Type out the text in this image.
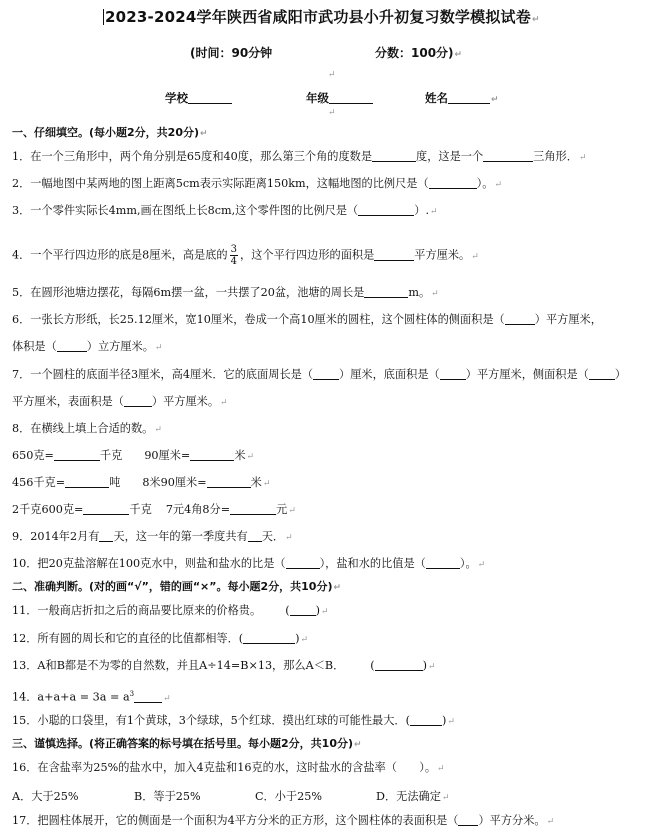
2023-2024学年陕西省咸阳市武功县小升初复习数学模拟试卷↵
(时间：90分钟	分数：100分)↵
↵
学校	年级	姓名	↵
↵
一、仔细填空。(每小题2分，共20分)↵
1．在一个三角形中，两个角分别是65度和40度，那么第三个角的度数是	度，这是一个	三角形．↵
2．一幅地图中某两地的图上距离5cm表示实际距离150km，这幅地图的比例尺是（	）。↵
3．一个零件实际长4mm,画在图纸上长8cm,这个零件图的比例尺是（	）.↵
4．一个平行四边形的底是8厘米，高是底的 $\frac{3}{4}$ ，这个平行四边形的面积是	平方厘米。↵
5．在圆形池塘边摆花，每隔6m摆一盆，一共摆了20盆，池塘的周长是	m。↵
6．一张长方形纸，长25.12厘米，宽10厘米，卷成一个高10厘米的圆柱，这个圆柱体的侧面积是（	）平方厘米，
体积是（	）立方厘米。↵
7．一个圆柱的底面半径3厘米，高4厘米．它的底面周长是（ ）厘米，底面积是（ ）平方厘米，侧面积是（ ）
平方厘米，表面积是（	）平方厘米。↵
8．在横线上填上合适的数。↵
650克=	千克 90厘米=	米↵
456千克=	吨 8米90厘米=	米↵
2千克600克=	千克 7元4角8分=	元↵
9．2014年2月有 天，这一年的第一季度共有 天．↵
10．把20克盐溶解在100克水中，则盐和盐水的比是（	），盐和水的比值是（	）。↵
二、准确判断。(对的画“√”，错的画“×”。每小题2分，共10分)↵
11．一般商店折扣之后的商品要比原来的价格贵。 ( )↵
12．所有圆的周长和它的直径的比值都相等．(	)↵
13．A和B都是不为零的自然数，并且A÷14=B×13，那么A＜B． (	)↵
14．$a+a+a = 3a = a^3$	↵
15．小聪的口袋里，有1个黄球，3个绿球，5个红球．摸出红球的可能性最大．(	)↵
三、谨慎选择。(将正确答案的标号填在括号里。每小题2分，共10分)↵
16．在含盐率为25%的盐水中，加入4克盐和16克的水，这时盐水的含盐率（　　）。↵
A．大于25%	B．等于25%	C．小于25%	D．无法确定↵
17．把圆柱体展开，它的侧面是一个面积为4平方分米的正方形，这个圆柱体的表面积是（ ）平方分米。↵
